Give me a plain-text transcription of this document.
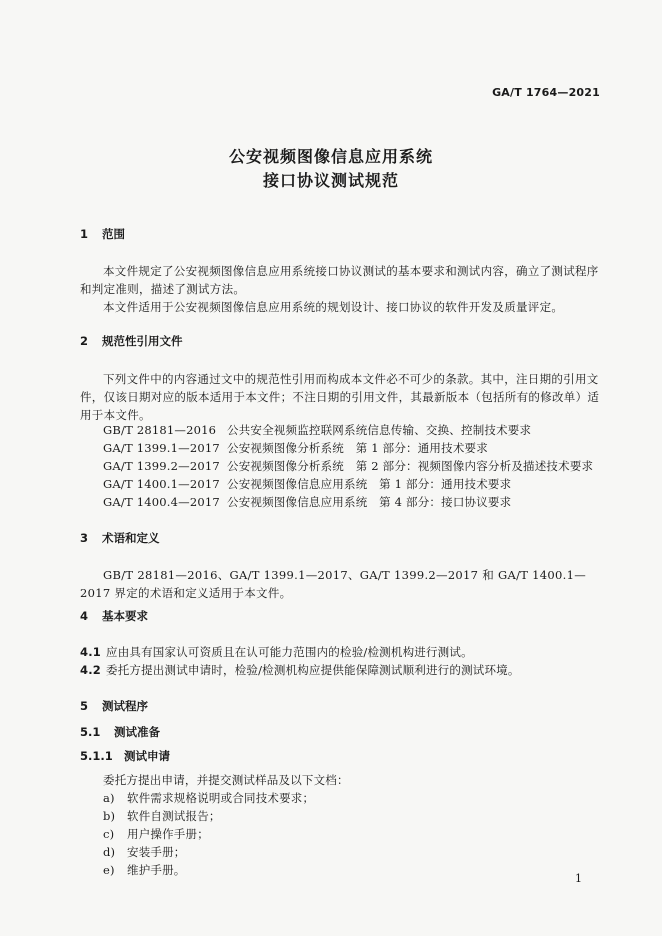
GA/T 1764—2021
公安视频图像信息应用系统
接口协议测试规范
1 范围
本文件规定了公安视频图像信息应用系统接口协议测试的基本要求和测试内容，确立了测试程序和判定准则，描述了测试方法。
本文件适用于公安视频图像信息应用系统的规划设计、接口协议的软件开发及质量评定。
2 规范性引用文件
下列文件中的内容通过文中的规范性引用而构成本文件必不可少的条款。其中，注日期的引用文件，仅该日期对应的版本适用于本文件；不注日期的引用文件，其最新版本（包括所有的修改单）适用于本文件。
GB/T 28181—2016 公共安全视频监控联网系统信息传输、交换、控制技术要求
GA/T 1399.1—2017 公安视频图像分析系统　第 1 部分：通用技术要求
GA/T 1399.2—2017 公安视频图像分析系统　第 2 部分：视频图像内容分析及描述技术要求
GA/T 1400.1—2017 公安视频图像信息应用系统　第 1 部分：通用技术要求
GA/T 1400.4—2017 公安视频图像信息应用系统　第 4 部分：接口协议要求
3 术语和定义
GB/T 28181—2016、GA/T 1399.1—2017、GA/T 1399.2—2017 和 GA/T 1400.1—2017 界定的术语和定义适用于本文件。
4 基本要求
4.1 应由具有国家认可资质且在认可能力范围内的检验/检测机构进行测试。
4.2 委托方提出测试申请时，检验/检测机构应提供能保障测试顺利进行的测试环境。
5 测试程序
5.1 测试准备
5.1.1 测试申请
委托方提出申请，并提交测试样品及以下文档：
a) 软件需求规格说明或合同技术要求；
b) 软件自测试报告；
c) 用户操作手册；
d) 安装手册；
e) 维护手册。
1
